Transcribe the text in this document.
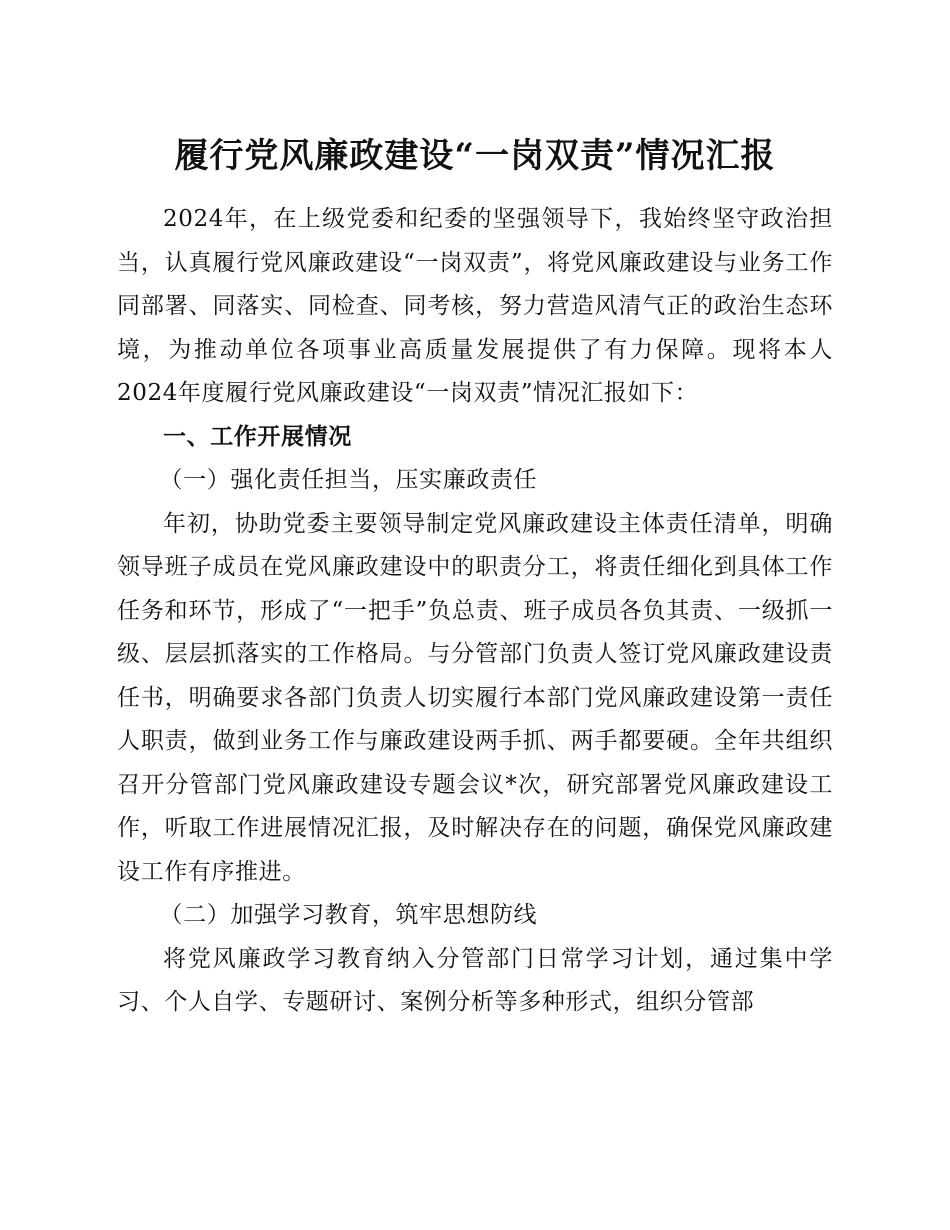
履行党风廉政建设“一岗双责”情况汇报

2024年，在上级党委和纪委的坚强领导下，我始终坚守政治担当，认真履行党风廉政建设“一岗双责”，将党风廉政建设与业务工作同部署、同落实、同检查、同考核，努力营造风清气正的政治生态环境，为推动单位各项事业高质量发展提供了有力保障。现将本人2024年度履行党风廉政建设“一岗双责”情况汇报如下：

一、工作开展情况

（一）强化责任担当，压实廉政责任

年初，协助党委主要领导制定党风廉政建设主体责任清单，明确领导班子成员在党风廉政建设中的职责分工，将责任细化到具体工作任务和环节，形成了“一把手”负总责、班子成员各负其责、一级抓一级、层层抓落实的工作格局。与分管部门负责人签订党风廉政建设责任书，明确要求各部门负责人切实履行本部门党风廉政建设第一责任人职责，做到业务工作与廉政建设两手抓、两手都要硬。全年共组织召开分管部门党风廉政建设专题会议*次，研究部署党风廉政建设工作，听取工作进展情况汇报，及时解决存在的问题，确保党风廉政建设工作有序推进。

（二）加强学习教育，筑牢思想防线

将党风廉政学习教育纳入分管部门日常学习计划，通过集中学习、个人自学、专题研讨、案例分析等多种形式，组织分管部
